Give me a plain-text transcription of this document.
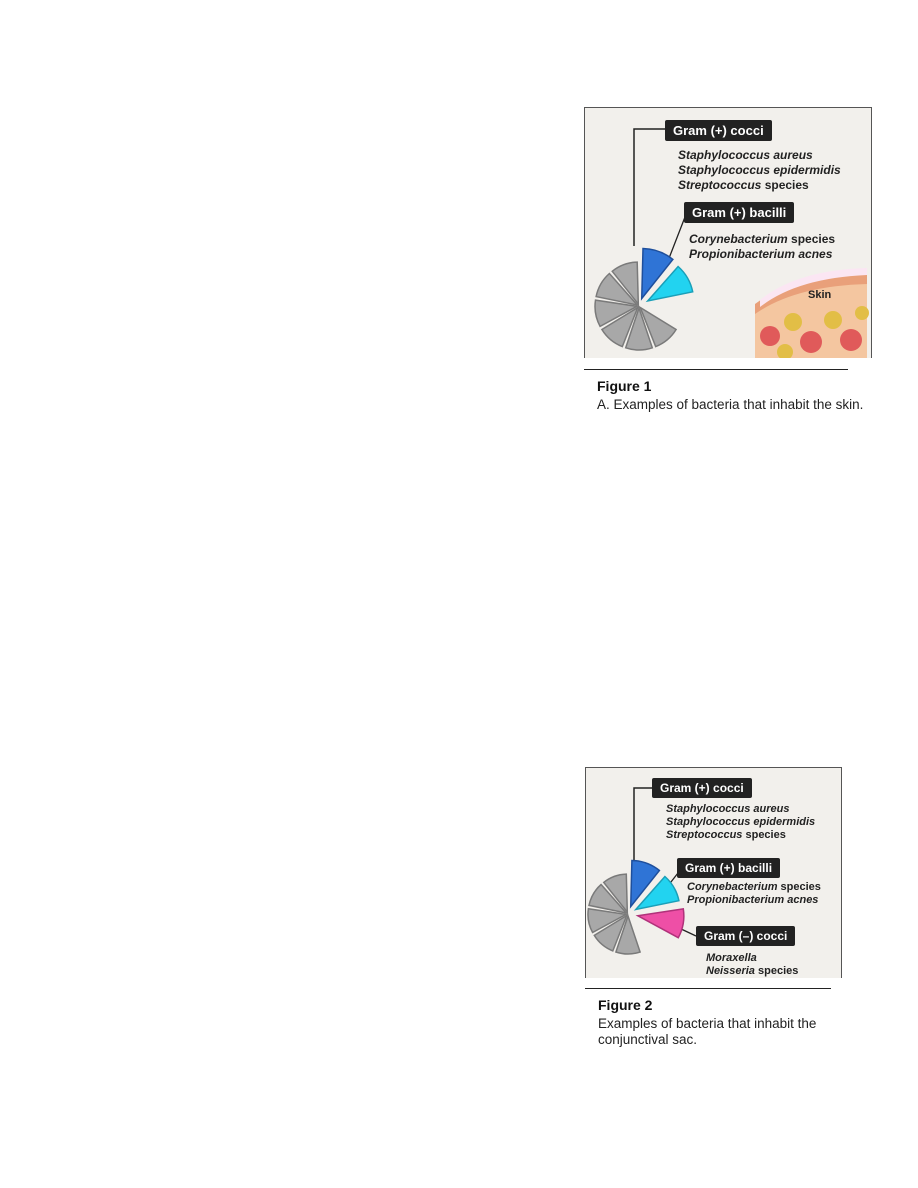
Gram (+) cocci
Staphylococcus aureus
Staphylococcus epidermidis
Streptococcus species
Gram (+) bacilli
Corynebacterium species
Propionibacterium acnes
Skin
Figure 1
A. Examples of bacteria that inhabit the skin.
Gram (+) cocci
Staphylococcus aureus
Staphylococcus epidermidis
Streptococcus species
Gram (+) bacilli
Corynebacterium species
Propionibacterium acnes
Gram (–) cocci
Moraxella
Neisseria species
Figure 2
Examples of bacteria that inhabit the conjunctival sac.
